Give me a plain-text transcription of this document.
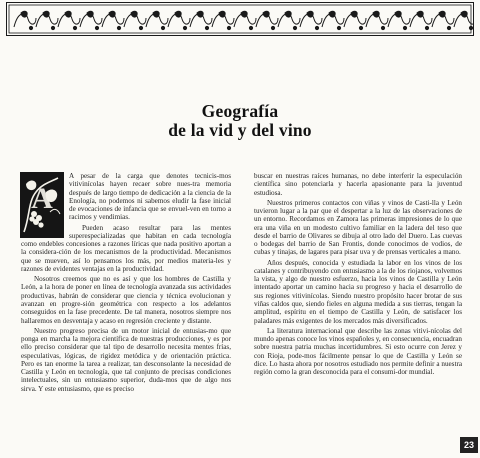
Geografía
de la vid y del vino

A
A pesar de la carga que denotes tecnicis-mos vitivinícolas hayen recaer sobre nues-tra memoria después de largo tiempo de dedicación a la ciencia de la Enología, no podemos ni sabemos eludir la fase inicial de evocaciones de infancia que se envuel-ven en torno a racimos y vendimias.

Pueden acaso resultar para las mentes superespecializadas que habitan en cada tecnología como endebles concesiones a razones líricas que nada positivo aportan a la considera-ción de los mecanismos de la productividad. Mecanismos que se mueven, así lo pensamos los más, por medios materia-les y razones de evidentes ventajas en la productividad.

Nosotros creemos que no es así y que los hombres de Castilla y León, a la hora de poner en línea de tecnología avanzada sus actividades productivas, habrán de considerar que ciencia y técnica evolucionan y avanzan en progre-sión geométrica con respecto a los adelantos conseguidos en la fase precedente. De tal manera, nosotros siempre nos hallaremos en desventaja y acaso en regresión creciente y distante.

Nuestro progreso precisa de un motor inicial de entusias-mo que ponga en marcha la mejora científica de nuestras producciones, y es por ello preciso considerar que tal tipo de desarrollo necesita mentes frías, especulativas, lógicas, de rigidez metódica y de orientación práctica. Pero es tan enorme la tarea a realizar, tan desconsolante la necesidad de Castilla y León en tecnología, que tal conjunto de precisas condiciones intelectuales, sin un entusiasmo superior, duda-mos que de algo nos sirva. Y este entusiasmo, que es preciso

buscar en nuestras raíces humanas, no debe interferir la especulación científica sino potenciarla y hacerla apasionante para la juventud estudiosa.

Nuestros primeros contactos con viñas y vinos de Casti-lla y León tuvieron lugar a la par que el despertar a la luz de las observaciones de un entorno. Recordamos en Zamora las primeras impresiones de lo que era una viña en un modesto cultivo familiar en la ladera del teso que desde el barrio de Olivares se dibuja al otro lado del Duero. Las cuevas o bodegas del barrio de San Frontis, donde conocimos de vodios, de cubas y tinajas, de lagares para pisar uva y de prensas verticales a mano.

Años después, conocida y estudiada la labor en los vinos de los catalanes y contribuyendo con entusiasmo a la de los riojanos, volvemos la vista, y algo de nuestro esfuerzo, hacia los vinos de Castilla y León intentado aportar un camino hacia su progreso y hacia el desarrollo de sus regiones vitivinícolas. Siendo nuestro propósito hacer brotar de sus viñas caldos que, siendo fieles en alguna medida a sus tierras, tengan la amplitud, espíritu en el tiempo de Castilla y León, de satisfacer los paladares más exigentes de los mercados más diversificados.

La literatura internacional que describe las zonas vitivi-nícolas del mundo apenas conoce los vinos españoles y, en consecuencia, encuadran sobre nuestra patria muchas incertidumbres. Si esto ocurre con Jerez y con Rioja, pode-mos fácilmente pensar lo que de Castilla y León se dice. Lo hasta ahora por nosotros estudiado nos permite definir a nuestra región como la gran desconocida para el consumi-dor mundial.

23
